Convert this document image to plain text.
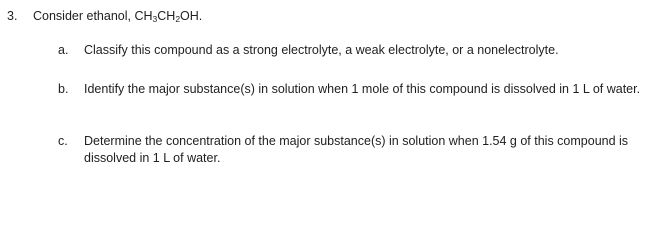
3.	Consider ethanol, $CH_3CH_2OH$.
a.	Classify this compound as a strong electrolyte, a weak electrolyte, or a nonelectrolyte.
b.	Identify the major substance(s) in solution when 1 mole of this compound is dissolved in 1 L of water.
c.	Determine the concentration of the major substance(s) in solution when 1.54 g of this compound is dissolved in 1 L of water.
